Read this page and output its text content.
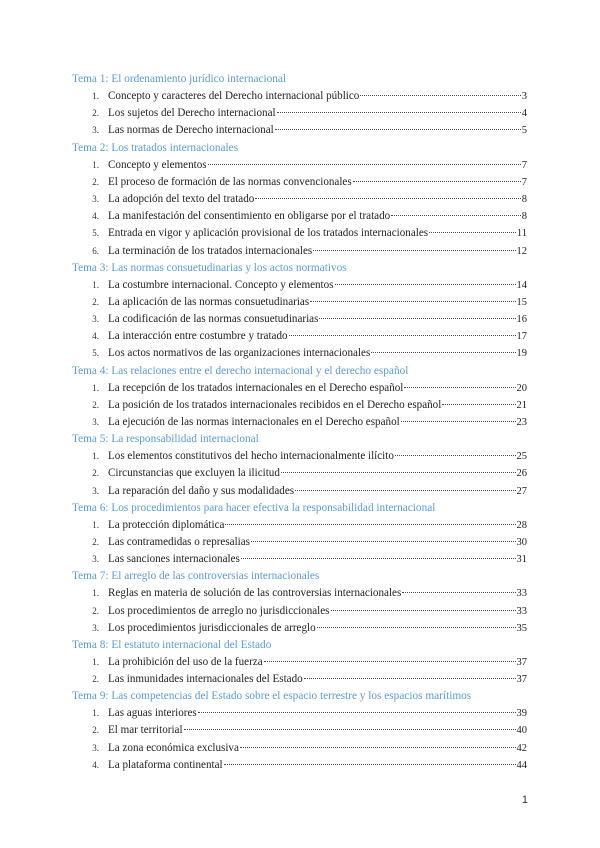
Tema 1: El ordenamiento jurídico internacional
1. Concepto y caracteres del Derecho internacional público	3
2. Los sujetos del Derecho internacional	4
3. Las normas de Derecho internacional	5
Tema 2: Los tratados internacionales
1. Concepto y elementos	7
2. El proceso de formación de las normas convencionales	7
3. La adopción del texto del tratado	8
4. La manifestación del consentimiento en obligarse por el tratado	8
5. Entrada en vigor y aplicación provisional de los tratados internacionales	11
6. La terminación de los tratados internacionales	12
Tema 3: Las normas consuetudinarias y los actos normativos
1. La costumbre internacional. Concepto y elementos	14
2. La aplicación de las normas consuetudinarias	15
3. La codificación de las normas consuetudinarias	16
4. La interacción entre costumbre y tratado	17
5. Los actos normativos de las organizaciones internacionales	19
Tema 4: Las relaciones entre el derecho internacional y el derecho español
1. La recepción de los tratados internacionales en el Derecho español	20
2. La posición de los tratados internacionales recibidos en el Derecho español	21
3. La ejecución de las normas internacionales en el Derecho español	23
Tema 5: La responsabilidad internacional
1. Los elementos constitutivos del hecho internacionalmente ilícito	25
2. Circunstancias que excluyen la ilicitud	26
3. La reparación del daño y sus modalidades	27
Tema 6: Los procedimientos para hacer efectiva la responsabilidad internacional
1. La protección diplomática	28
2. Las contramedidas o represalias	30
3. Las sanciones internacionales	31
Tema 7: El arreglo de las controversias internacionales
1. Reglas en materia de solución de las controversias internacionales	33
2. Los procedimientos de arreglo no jurisdiccionales	33
3. Los procedimientos jurisdiccionales de arreglo	35
Tema 8: El estatuto internacional del Estado
1. La prohibición del uso de la fuerza	37
2. Las inmunidades internacionales del Estado	37
Tema 9: Las competencias del Estado sobre el espacio terrestre y los espacios marítimos
1. Las aguas interiores	39
2. El mar territorial	40
3. La zona económica exclusiva	42
4. La plataforma continental	44
1
